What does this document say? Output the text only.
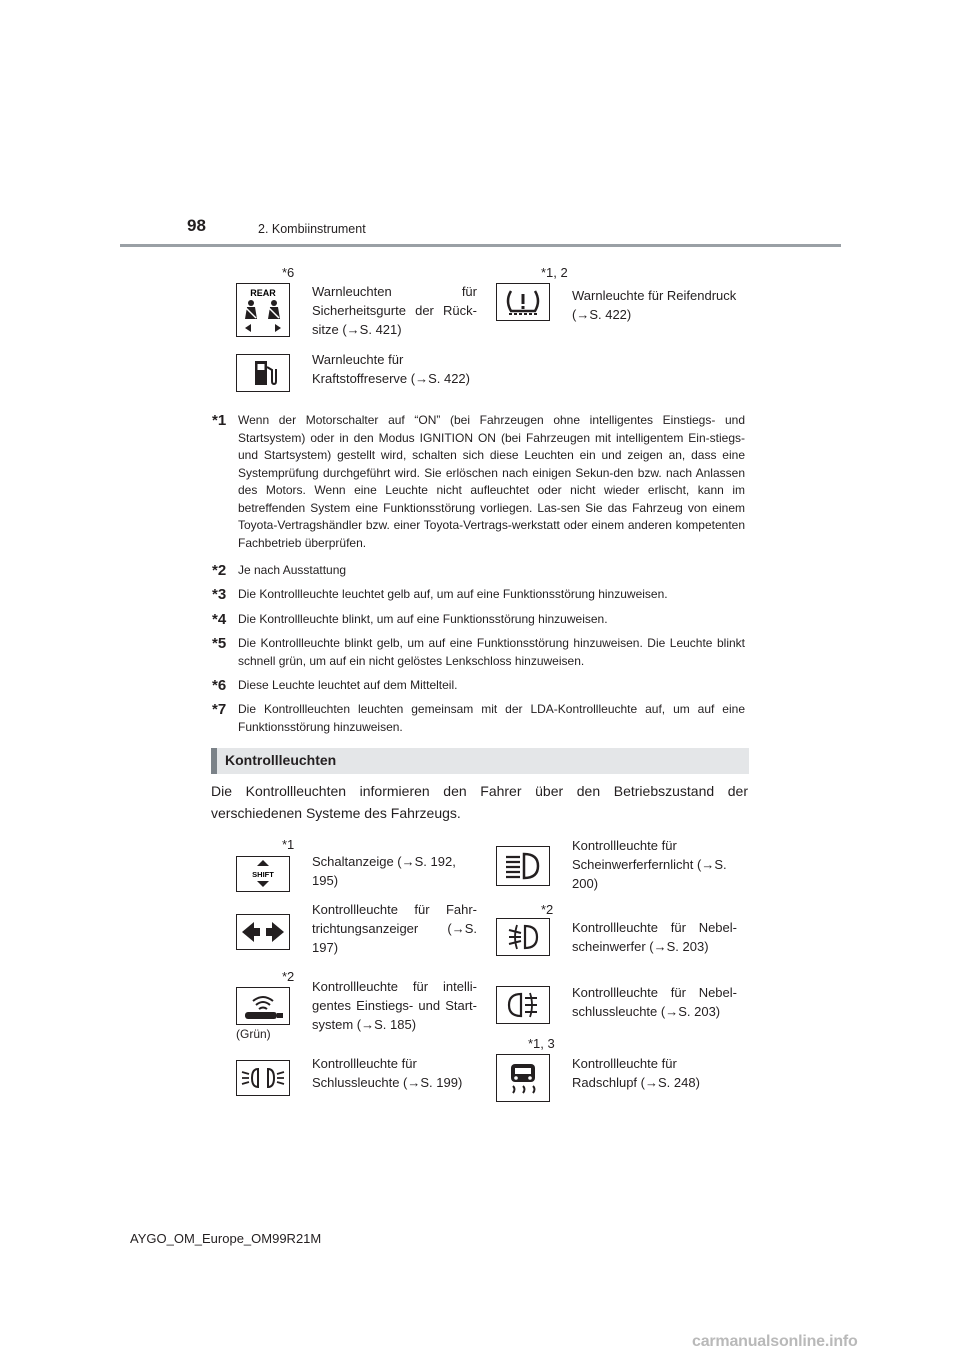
98	2. Kombiinstrument
*6
REAR	Warnleuchten für Sicherheitsgurte der Rück-sitze (→S. 421)
*1, 2
Warnleuchte für Reifendruck (→S. 422)
Warnleuchte für Kraftstoffreserve (→S. 422)
*1 Wenn der Motorschalter auf “ON” (bei Fahrzeugen ohne intelligentes Einstiegs- und Startsystem) oder in den Modus IGNITION ON (bei Fahrzeugen mit intelligentem Ein-stiegs- und Startsystem) gestellt wird, schalten sich diese Leuchten ein und zeigen an, dass eine Systemprüfung durchgeführt wird. Sie erlöschen nach einigen Sekun-den bzw. nach Anlassen des Motors. Wenn eine Leuchte nicht aufleuchtet oder nicht wieder erlischt, kann im betreffenden System eine Funktionsstörung vorliegen. Las-sen Sie das Fahrzeug von einem Toyota-Vertragshändler bzw. einer Toyota-Vertrags-werkstatt oder einem anderen kompetenten Fachbetrieb überprüfen.
*2 Je nach Ausstattung
*3 Die Kontrollleuchte leuchtet gelb auf, um auf eine Funktionsstörung hinzuweisen.
*4 Die Kontrollleuchte blinkt, um auf eine Funktionsstörung hinzuweisen.
*5 Die Kontrollleuchte blinkt gelb, um auf eine Funktionsstörung hinzuweisen. Die Leuchte blinkt schnell grün, um auf ein nicht gelöstes Lenkschloss hinzuweisen.
*6 Diese Leuchte leuchtet auf dem Mittelteil.
*7 Die Kontrollleuchten leuchten gemeinsam mit der LDA-Kontrollleuchte auf, um auf eine Funktionsstörung hinzuweisen.
Kontrollleuchten
Die Kontrollleuchten informieren den Fahrer über den Betriebszustand der verschiedenen Systeme des Fahrzeugs.
*1
SHIFT
Schaltanzeige (→S. 192, 195)
Kontrollleuchte für Scheinwerferfernlicht (→S. 200)
Kontrollleuchte für Fahr-trichtungsanzeiger (→S. 197)
*2
Kontrollleuchte für Nebel-scheinwerfer (→S. 203)
*2
(Grün)
Kontrollleuchte für intelli-gentes Einstiegs- und Start-system (→S. 185)
Kontrollleuchte für Nebel-schlussleuchte (→S. 203)
Kontrollleuchte für Schlussleuchte (→S. 199)
*1, 3
Kontrollleuchte für Radschlupf (→S. 248)
AYGO_OM_Europe_OM99R21M
carmanualsonline.info
